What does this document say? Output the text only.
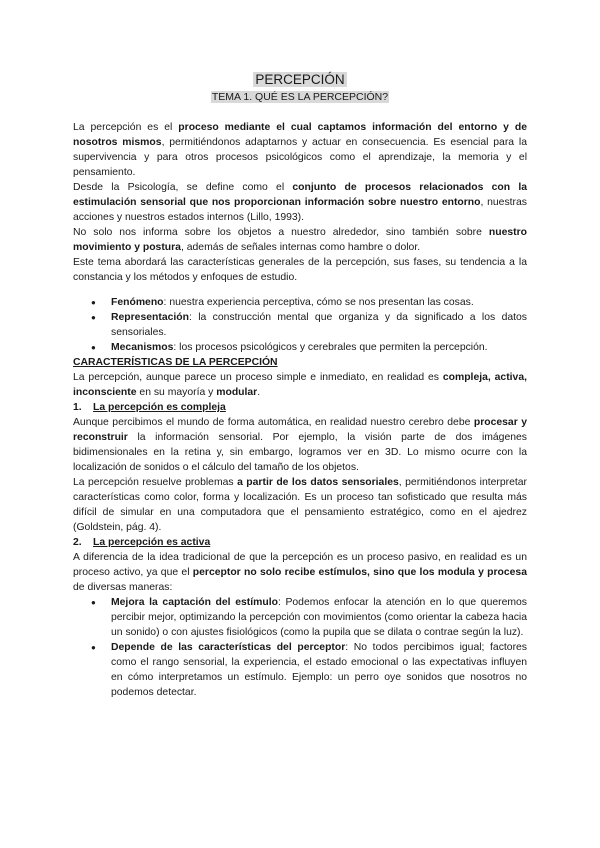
PERCEPCIÓN
TEMA 1. QUÉ ES LA PERCEPCIÓN?

La percepción es el proceso mediante el cual captamos información del entorno y de nosotros mismos, permitiéndonos adaptarnos y actuar en consecuencia. Es esencial para la supervivencia y para otros procesos psicológicos como el aprendizaje, la memoria y el pensamiento.

Desde la Psicología, se define como el conjunto de procesos relacionados con la estimulación sensorial que nos proporcionan información sobre nuestro entorno, nuestras acciones y nuestros estados internos (Lillo, 1993).

No solo nos informa sobre los objetos a nuestro alrededor, sino también sobre nuestro movimiento y postura, además de señales internas como hambre o dolor.

Este tema abordará las características generales de la percepción, sus fases, su tendencia a la constancia y los métodos y enfoques de estudio.

● Fenómeno: nuestra experiencia perceptiva, cómo se nos presentan las cosas.
● Representación: la construcción mental que organiza y da significado a los datos sensoriales.
● Mecanismos: los procesos psicológicos y cerebrales que permiten la percepción.

CARACTERÍSTICAS DE LA PERCEPCIÓN

La percepción, aunque parece un proceso simple e inmediato, en realidad es compleja, activa, inconsciente en su mayoría y modular.

1. La percepción es compleja

Aunque percibimos el mundo de forma automática, en realidad nuestro cerebro debe procesar y reconstruir la información sensorial. Por ejemplo, la visión parte de dos imágenes bidimensionales en la retina y, sin embargo, logramos ver en 3D. Lo mismo ocurre con la localización de sonidos o el cálculo del tamaño de los objetos.

La percepción resuelve problemas a partir de los datos sensoriales, permitiéndonos interpretar características como color, forma y localización. Es un proceso tan sofisticado que resulta más difícil de simular en una computadora que el pensamiento estratégico, como en el ajedrez (Goldstein, pág. 4).

2. La percepción es activa

A diferencia de la idea tradicional de que la percepción es un proceso pasivo, en realidad es un proceso activo, ya que el perceptor no solo recibe estímulos, sino que los modula y procesa de diversas maneras:

● Mejora la captación del estímulo: Podemos enfocar la atención en lo que queremos percibir mejor, optimizando la percepción con movimientos (como orientar la cabeza hacia un sonido) o con ajustes fisiológicos (como la pupila que se dilata o contrae según la luz).
● Depende de las características del perceptor: No todos percibimos igual; factores como el rango sensorial, la experiencia, el estado emocional o las expectativas influyen en cómo interpretamos un estímulo. Ejemplo: un perro oye sonidos que nosotros no podemos detectar.
